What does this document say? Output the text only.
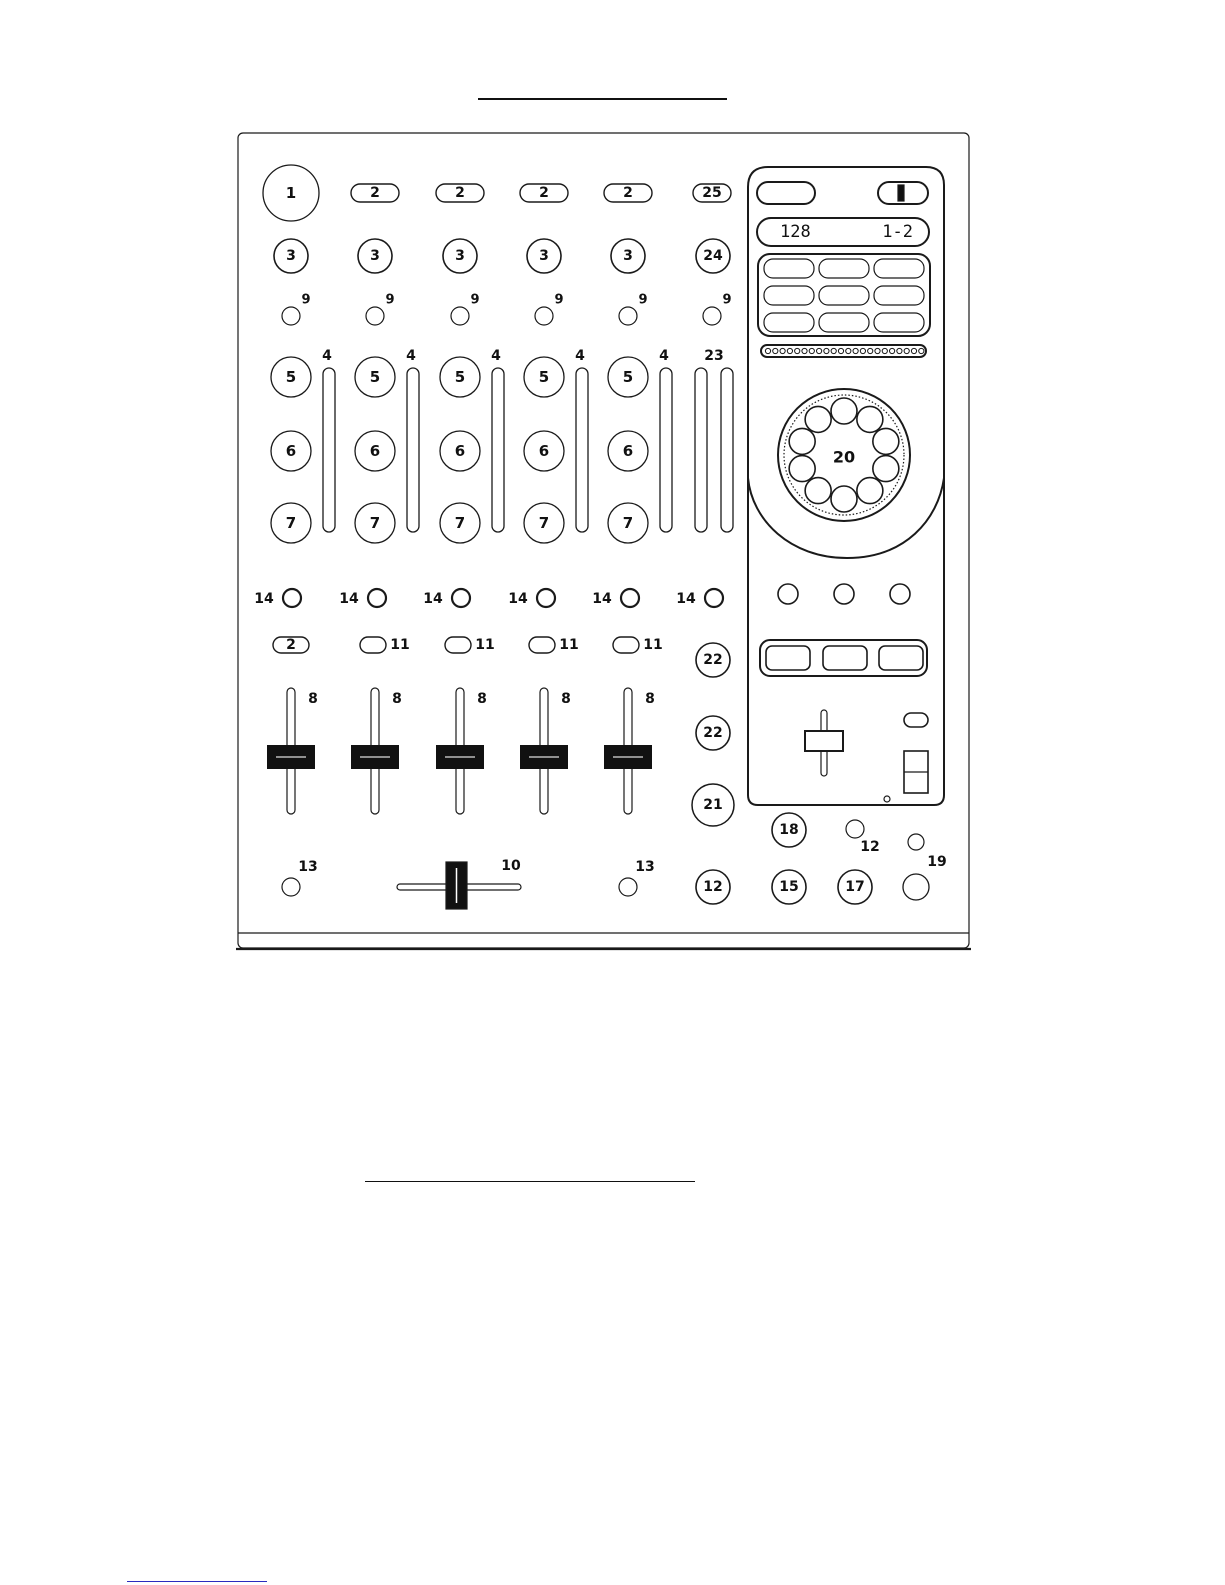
1	2	2	2	2	25
3	3	3	3	3	24
9	9	9	9	9	9
5
6
7
4
5
6
7
4
5
6
7
4
5
6
7
4
5
6
7
4	23
14	14	14	14	14	14
2	11	11	11	11
8	8	8	8	8
10
13	13
22
22
21
12
18
12
19
15	17
20
128	1-2
